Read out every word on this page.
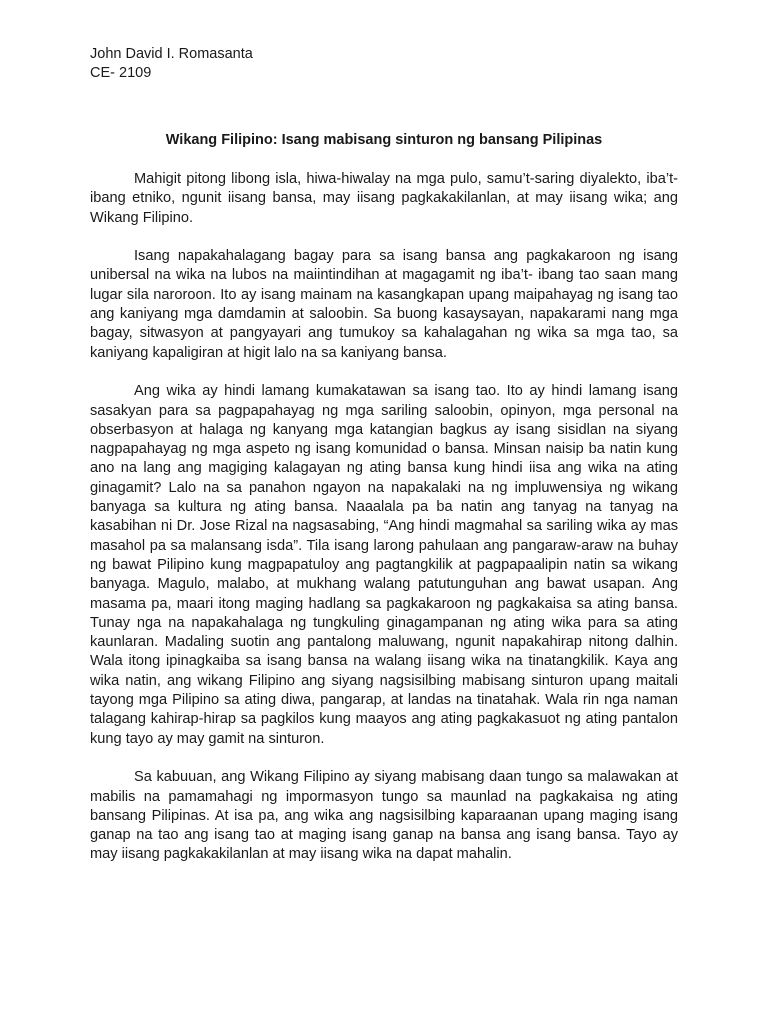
John David I. Romasanta
CE- 2109
Wikang Filipino: Isang mabisang sinturon ng bansang Pilipinas

Mahigit pitong libong isla, hiwa-hiwalay na mga pulo, samu’t-saring diyalekto, iba’t-ibang etniko, ngunit iisang bansa, may iisang pagkakakilanlan, at may iisang wika; ang Wikang Filipino.

Isang napakahalagang bagay para sa isang bansa ang pagkakaroon ng isang unibersal na wika na lubos na maiintindihan at magagamit ng iba’t- ibang tao saan mang lugar sila naroroon. Ito ay isang mainam na kasangkapan upang maipahayag ng isang tao ang kaniyang mga damdamin at saloobin. Sa buong kasaysayan, napakarami nang mga bagay, sitwasyon at pangyayari ang tumukoy sa kahalagahan ng wika sa mga tao, sa kaniyang kapaligiran at higit lalo na sa kaniyang bansa.

Ang wika ay hindi lamang kumakatawan sa isang tao. Ito ay hindi lamang isang sasakyan para sa pagpapahayag ng mga sariling saloobin, opinyon, mga personal na obserbasyon at halaga ng kanyang mga katangian bagkus ay isang sisidlan na siyang nagpapahayag ng mga aspeto ng isang komunidad o bansa. Minsan naisip ba natin kung ano na lang ang magiging kalagayan ng ating bansa kung hindi iisa ang wika na ating ginagamit? Lalo na sa panahon ngayon na napakalaki na ng impluwensiya ng wikang banyaga sa kultura ng ating bansa. Naaalala pa ba natin ang tanyag na tanyag na kasabihan ni Dr. Jose Rizal na nagsasabing, “Ang hindi magmahal sa sariling wika ay mas masahol pa sa malansang isda”. Tila isang larong pahulaan ang pangaraw-araw na buhay ng bawat Pilipino kung magpapatuloy ang pagtangkilik at pagpapaalipin natin sa wikang banyaga. Magulo, malabo, at mukhang walang patutunguhan ang bawat usapan. Ang masama pa, maari itong maging hadlang sa pagkakaroon ng pagkakaisa sa ating bansa. Tunay nga na napakahalaga ng tungkuling ginagampanan ng ating wika para sa ating kaunlaran. Madaling suotin ang pantalong maluwang, ngunit napakahirap nitong dalhin. Wala itong ipinagkaiba sa isang bansa na walang iisang wika na tinatangkilik. Kaya ang wika natin, ang wikang Filipino ang siyang nagsisilbing mabisang sinturon upang maitali tayong mga Pilipino sa ating diwa, pangarap, at landas na tinatahak. Wala rin nga naman talagang kahirap-hirap sa pagkilos kung maayos ang ating pagkakasuot ng ating pantalon kung tayo ay may gamit na sinturon.

Sa kabuuan, ang Wikang Filipino ay siyang mabisang daan tungo sa malawakan at mabilis na pamamahagi ng impormasyon tungo sa maunlad na pagkakaisa ng ating bansang Pilipinas. At isa pa, ang wika ang nagsisilbing kaparaanan upang maging isang ganap na tao ang isang tao at maging isang ganap na bansa ang isang bansa. Tayo ay may iisang pagkakakilanlan at may iisang wika na dapat mahalin.
